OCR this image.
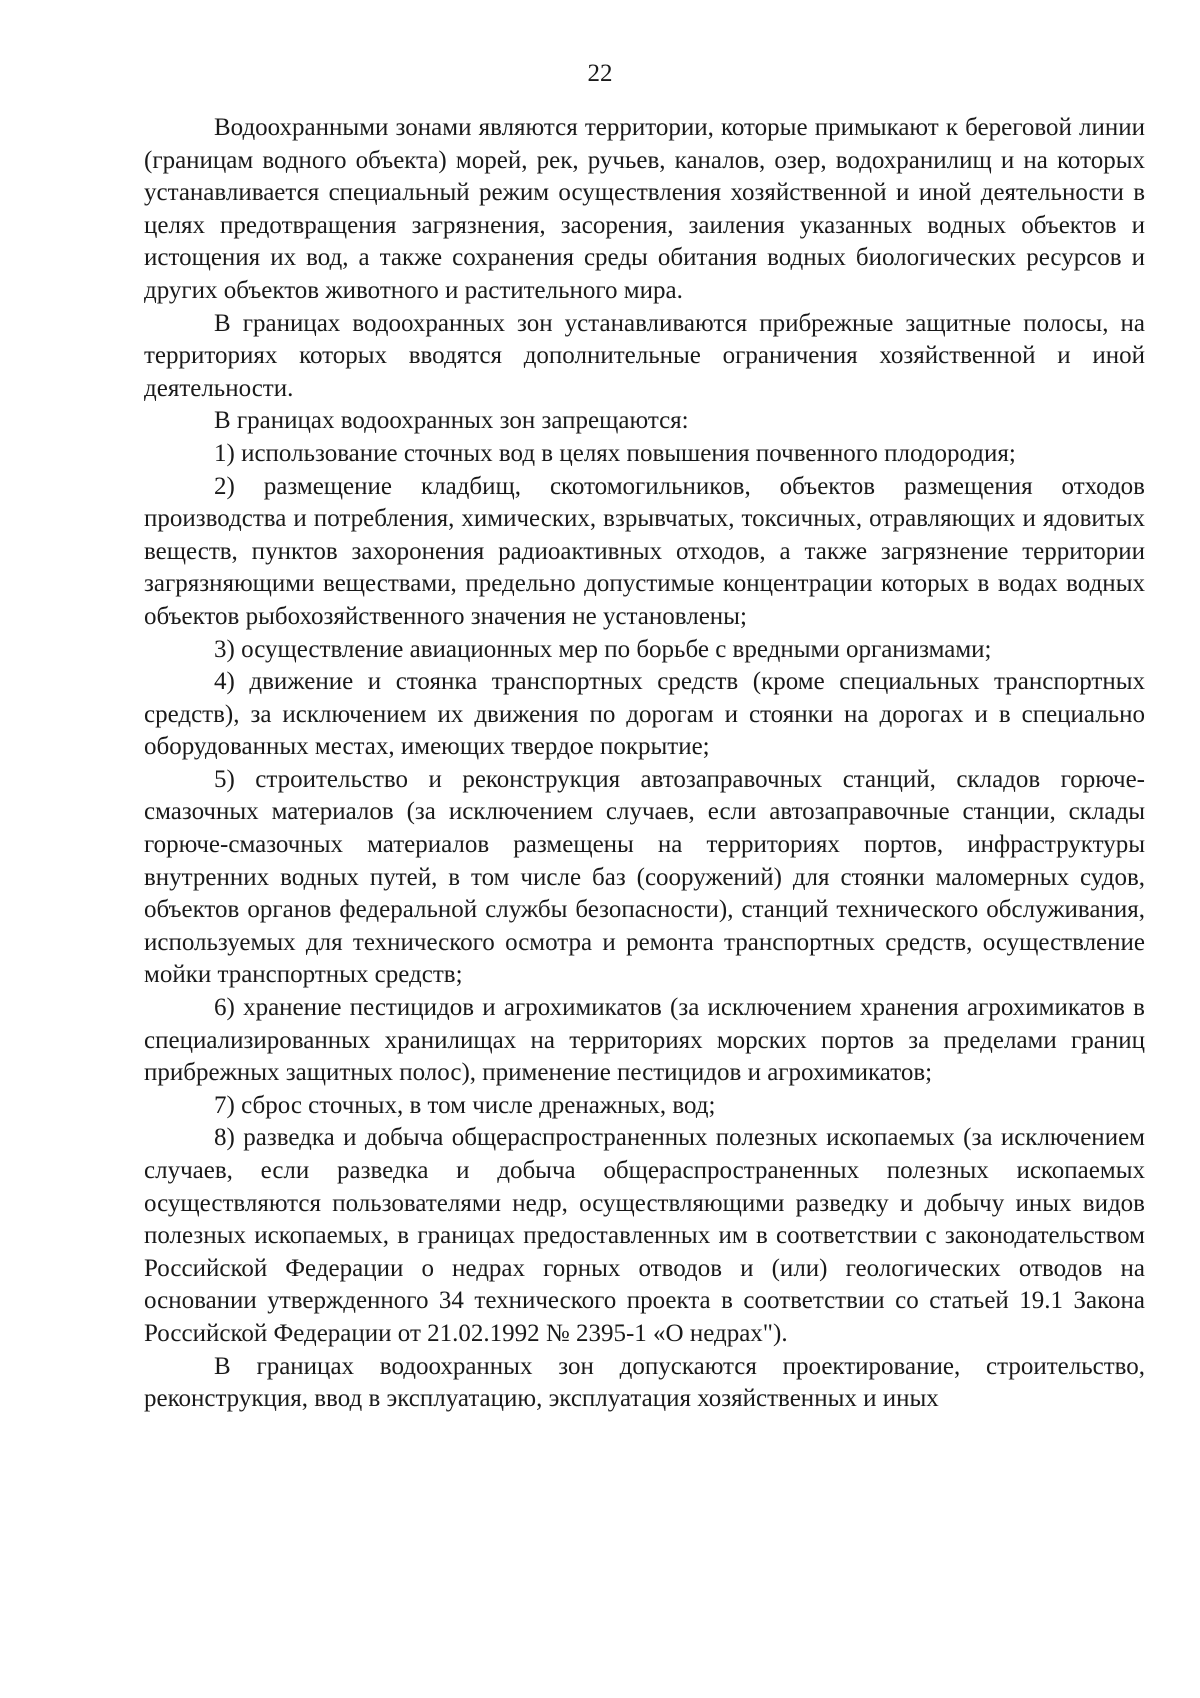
22

Водоохранными зонами являются территории, которые примыкают к береговой линии (границам водного объекта) морей, рек, ручьев, каналов, озер, водохранилищ и на которых устанавливается специальный режим осуществления хозяйственной и иной деятельности в целях предотвращения загрязнения, засорения, заиления указанных водных объектов и истощения их вод, а также сохранения среды обитания водных биологических ресурсов и других объектов животного и растительного мира.

В границах водоохранных зон устанавливаются прибрежные защитные полосы, на территориях которых вводятся дополнительные ограничения хозяйственной и иной деятельности.

В границах водоохранных зон запрещаются:

1) использование сточных вод в целях повышения почвенного плодородия;

2) размещение кладбищ, скотомогильников, объектов размещения отходов производства и потребления, химических, взрывчатых, токсичных, отравляющих и ядовитых веществ, пунктов захоронения радиоактивных отходов, а также загрязнение территории загрязняющими веществами, предельно допустимые концентрации которых в водах водных объектов рыбохозяйственного значения не установлены;

3) осуществление авиационных мер по борьбе с вредными организмами;

4) движение и стоянка транспортных средств (кроме специальных транспортных средств), за исключением их движения по дорогам и стоянки на дорогах и в специально оборудованных местах, имеющих твердое покрытие;

5) строительство и реконструкция автозаправочных станций, складов горюче-смазочных материалов (за исключением случаев, если автозаправочные станции, склады горюче-смазочных материалов размещены на территориях портов, инфраструктуры внутренних водных путей, в том числе баз (сооружений) для стоянки маломерных судов, объектов органов федеральной службы безопасности), станций технического обслуживания, используемых для технического осмотра и ремонта транспортных средств, осуществление мойки транспортных средств;

6) хранение пестицидов и агрохимикатов (за исключением хранения агрохимикатов в специализированных хранилищах на территориях морских портов за пределами границ прибрежных защитных полос), применение пестицидов и агрохимикатов;

7) сброс сточных, в том числе дренажных, вод;

8) разведка и добыча общераспространенных полезных ископаемых (за исключением случаев, если разведка и добыча общераспространенных полезных ископаемых осуществляются пользователями недр, осуществляющими разведку и добычу иных видов полезных ископаемых, в границах предоставленных им в соответствии с законодательством Российской Федерации о недрах горных отводов и (или) геологических отводов на основании утвержденного 34 технического проекта в соответствии со статьей 19.1 Закона Российской Федерации от 21.02.1992 № 2395-1 «О недрах").

В границах водоохранных зон допускаются проектирование, строительство, реконструкция, ввод в эксплуатацию, эксплуатация хозяйственных и иных
